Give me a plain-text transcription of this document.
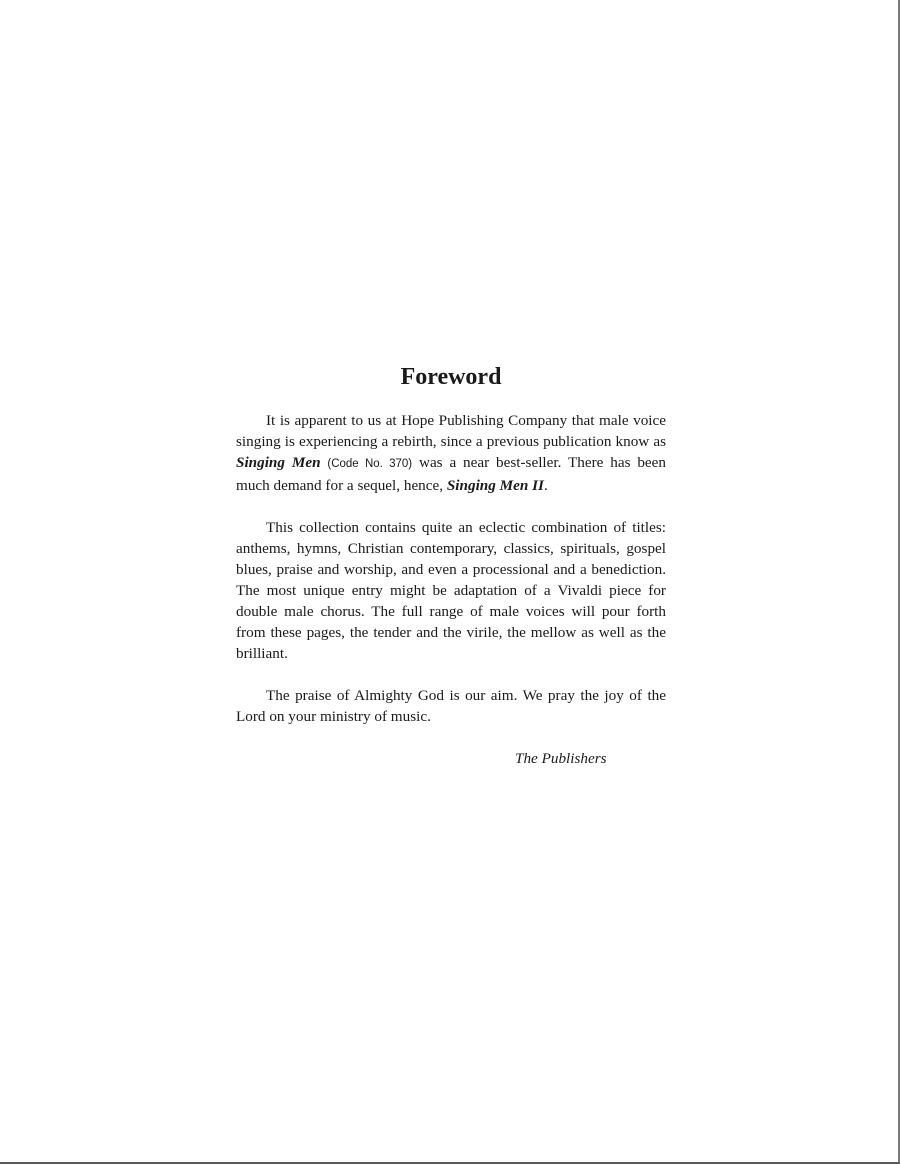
Foreword

It is apparent to us at Hope Publishing Company that male voice singing is experiencing a rebirth, since a previous publication know as Singing Men (Code No. 370) was a near best-seller. There has been much demand for a sequel, hence, Singing Men II.

This collection contains quite an eclectic combination of titles: anthems, hymns, Christian contemporary, classics, spirituals, gospel blues, praise and worship, and even a processional and a benediction. The most unique entry might be adaptation of a Vivaldi piece for double male chorus. The full range of male voices will pour forth from these pages, the tender and the virile, the mellow as well as the brilliant.

The praise of Almighty God is our aim. We pray the joy of the Lord on your ministry of music.

The Publishers
